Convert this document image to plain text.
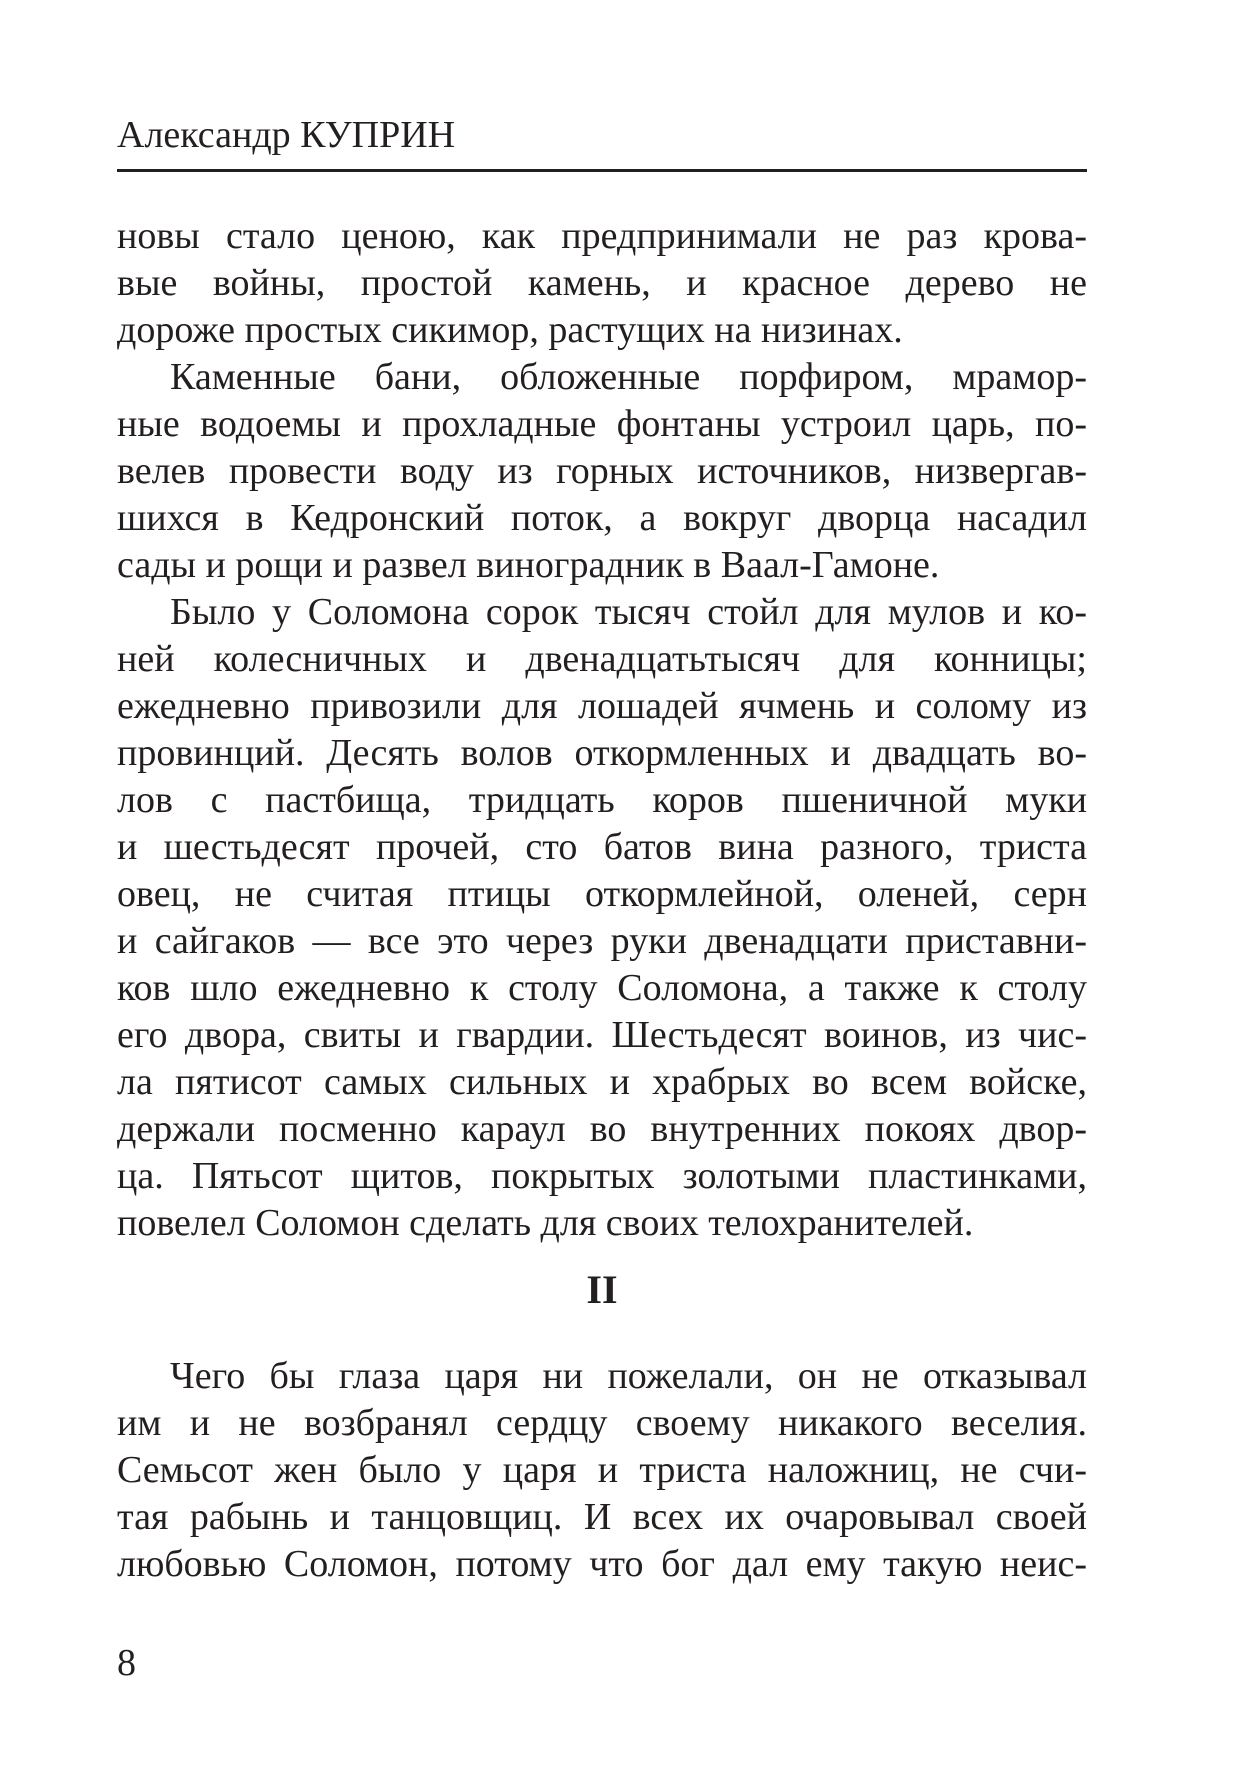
Александр КУПРИН
новы стало ценою, как предпринимали не раз крова-
вые войны, простой камень, и красное дерево не
дороже простых сикимор, растущих на низинах.
Каменные бани, обложенные порфиром, мрамор-
ные водоемы и прохладные фонтаны устроил царь, по-
велев провести воду из горных источников, низвергав-
шихся в Кедронский поток, а вокруг дворца насадил
сады и рощи и развел виноградник в Ваал-Гамоне.
Было у Соломона сорок тысяч стойл для мулов и ко-
ней колесничных и двенадцатьтысяч для конницы;
ежедневно привозили для лошадей ячмень и солому из
провинций. Десять волов откормленных и двадцать во-
лов с пастбища, тридцать коров пшеничной муки
и шестьдесят прочей, сто батов вина разного, триста
овец, не считая птицы откормлейной, оленей, серн
и сайгаков — все это через руки двенадцати приставни-
ков шло ежедневно к столу Соломона, а также к столу
его двора, свиты и гвардии. Шестьдесят воинов, из чис-
ла пятисот самых сильных и храбрых во всем войске,
держали посменно караул во внутренних покоях двор-
ца. Пятьсот щитов, покрытых золотыми пластинками,
повелел Соломон сделать для своих телохранителей.
II
Чего бы глаза царя ни пожелали, он не отказывал
им и не возбранял сердцу своему никакого веселия.
Семьсот жен было у царя и триста наложниц, не счи-
тая рабынь и танцовщиц. И всех их очаровывал своей
любовью Соломон, потому что бог дал ему такую неис-
8
